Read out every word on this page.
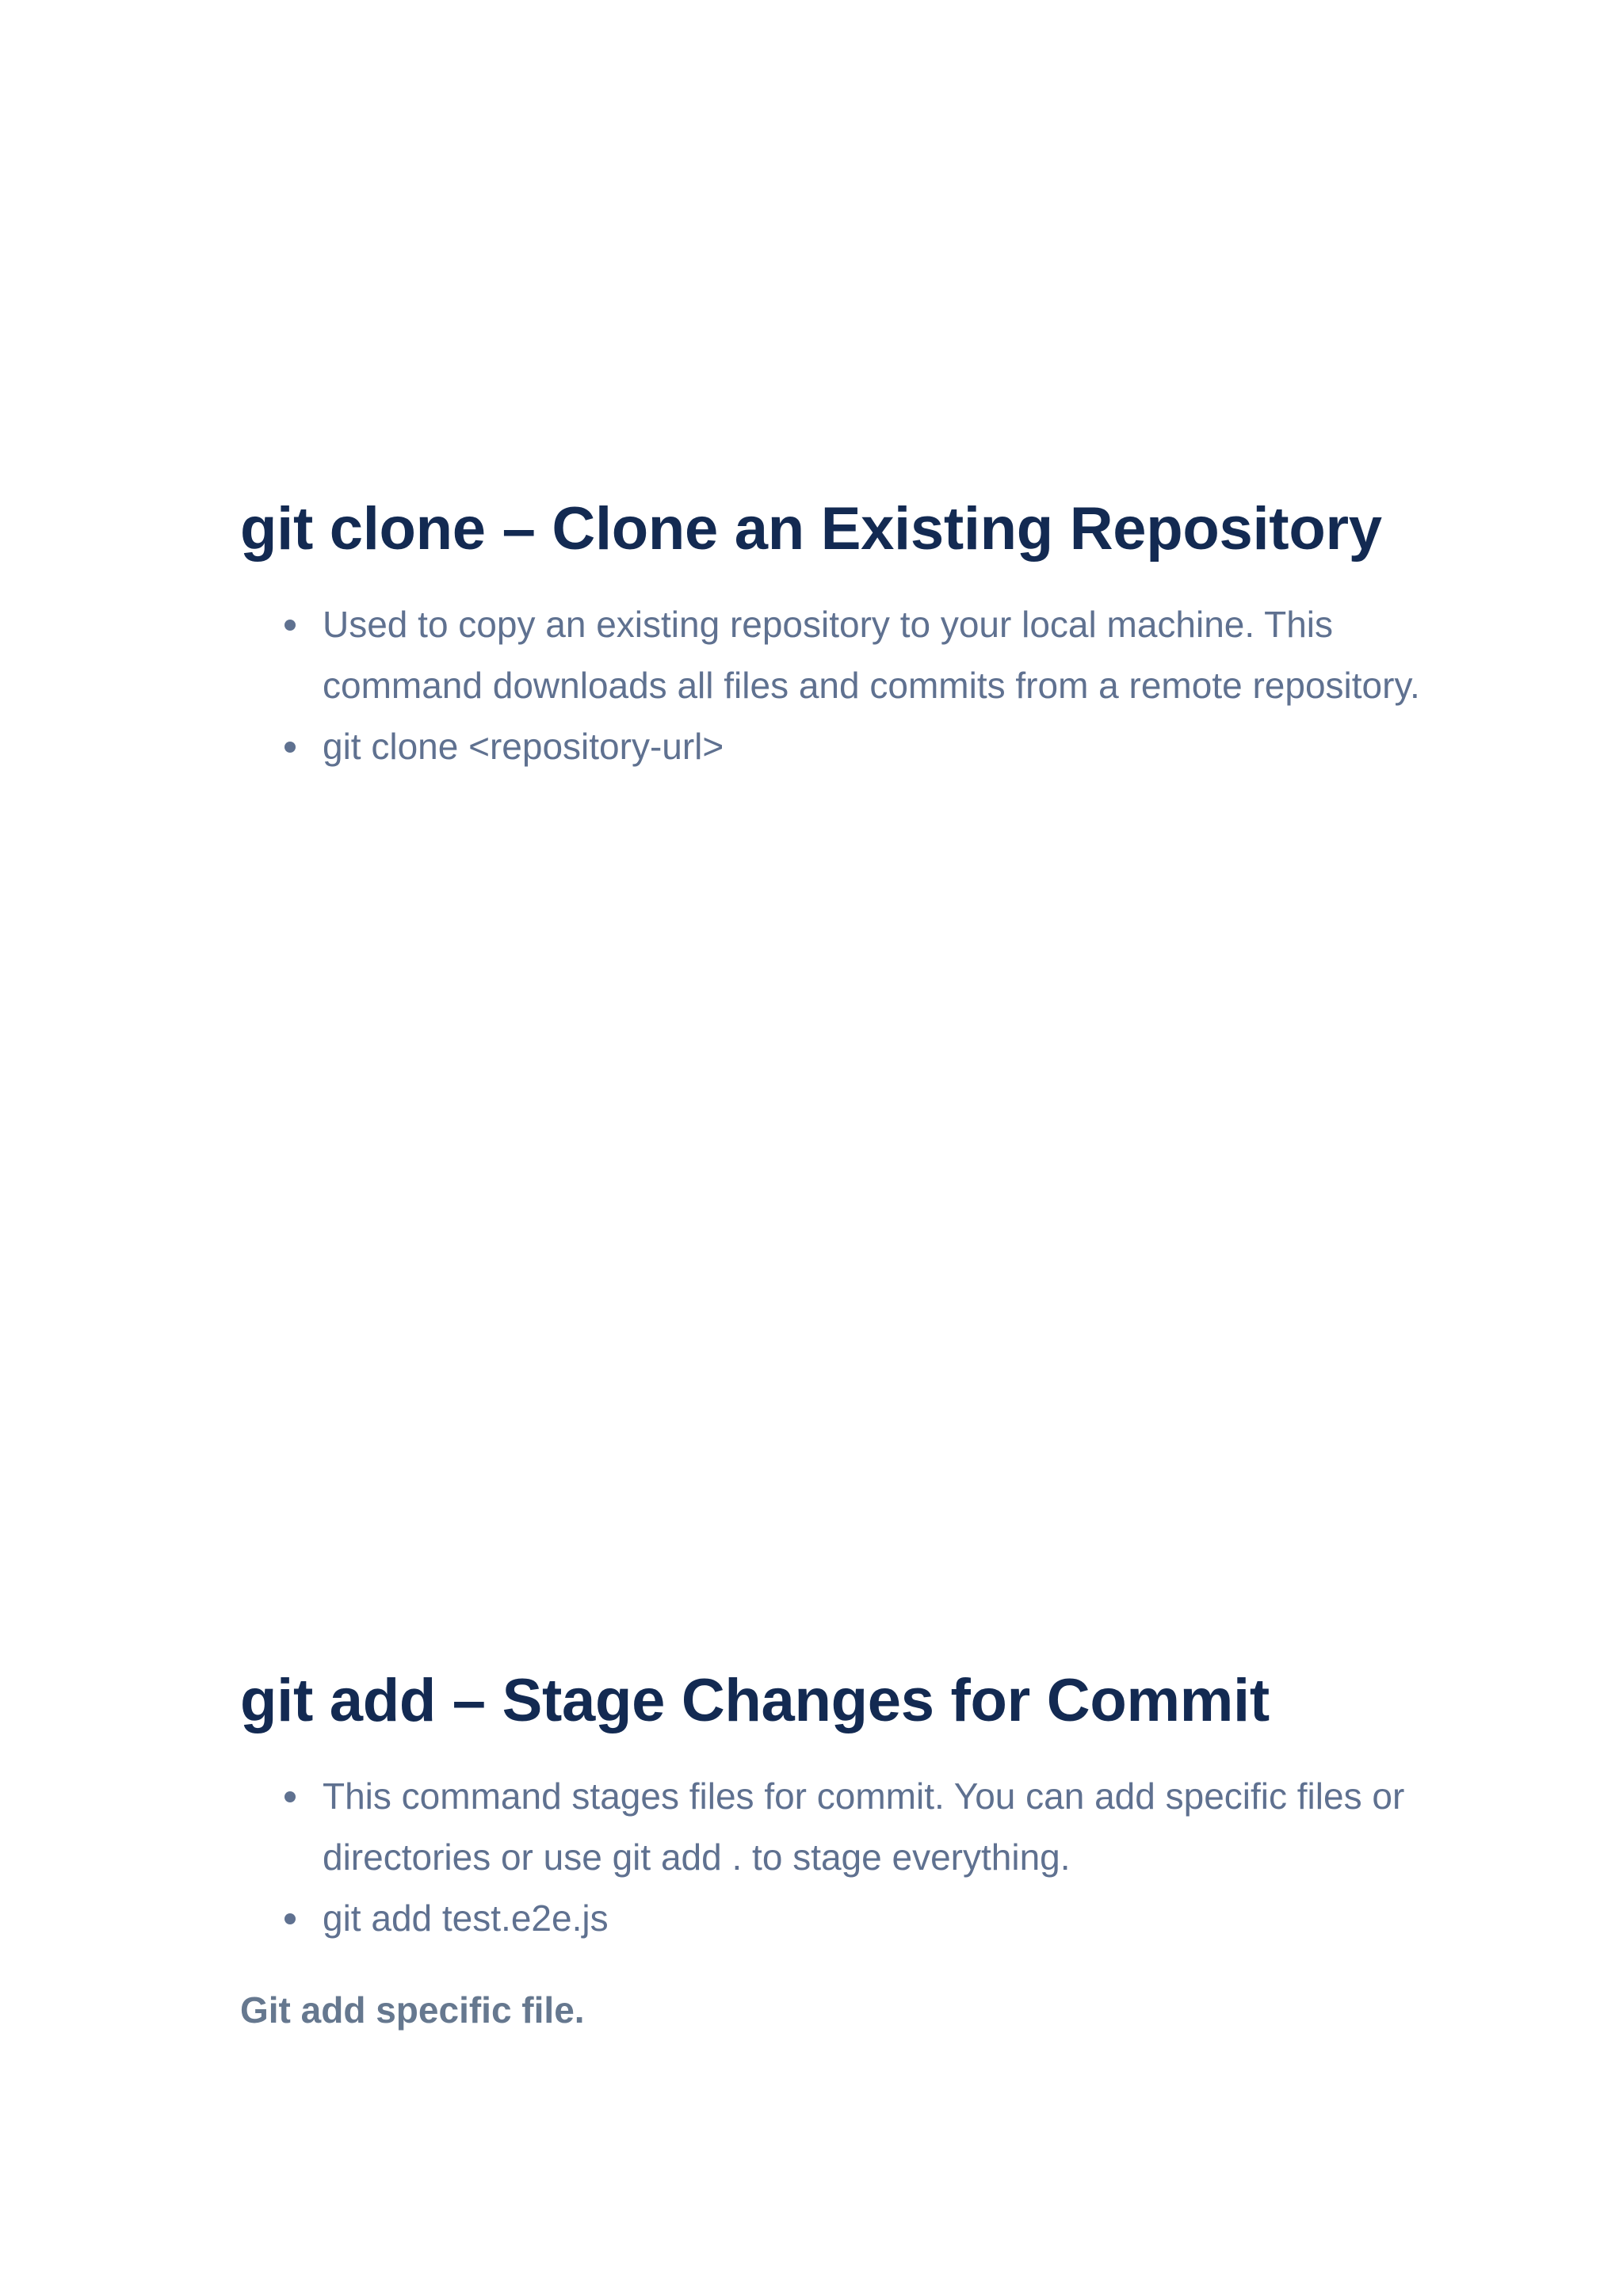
git clone – Clone an Existing Repository
Used to copy an existing repository to your local machine. This command downloads all files and commits from a remote repository.
git clone <repository-url>
git add – Stage Changes for Commit
This command stages files for commit. You can add specific files or directories or use git add . to stage everything.
git add test.e2e.js

Git add specific file.
